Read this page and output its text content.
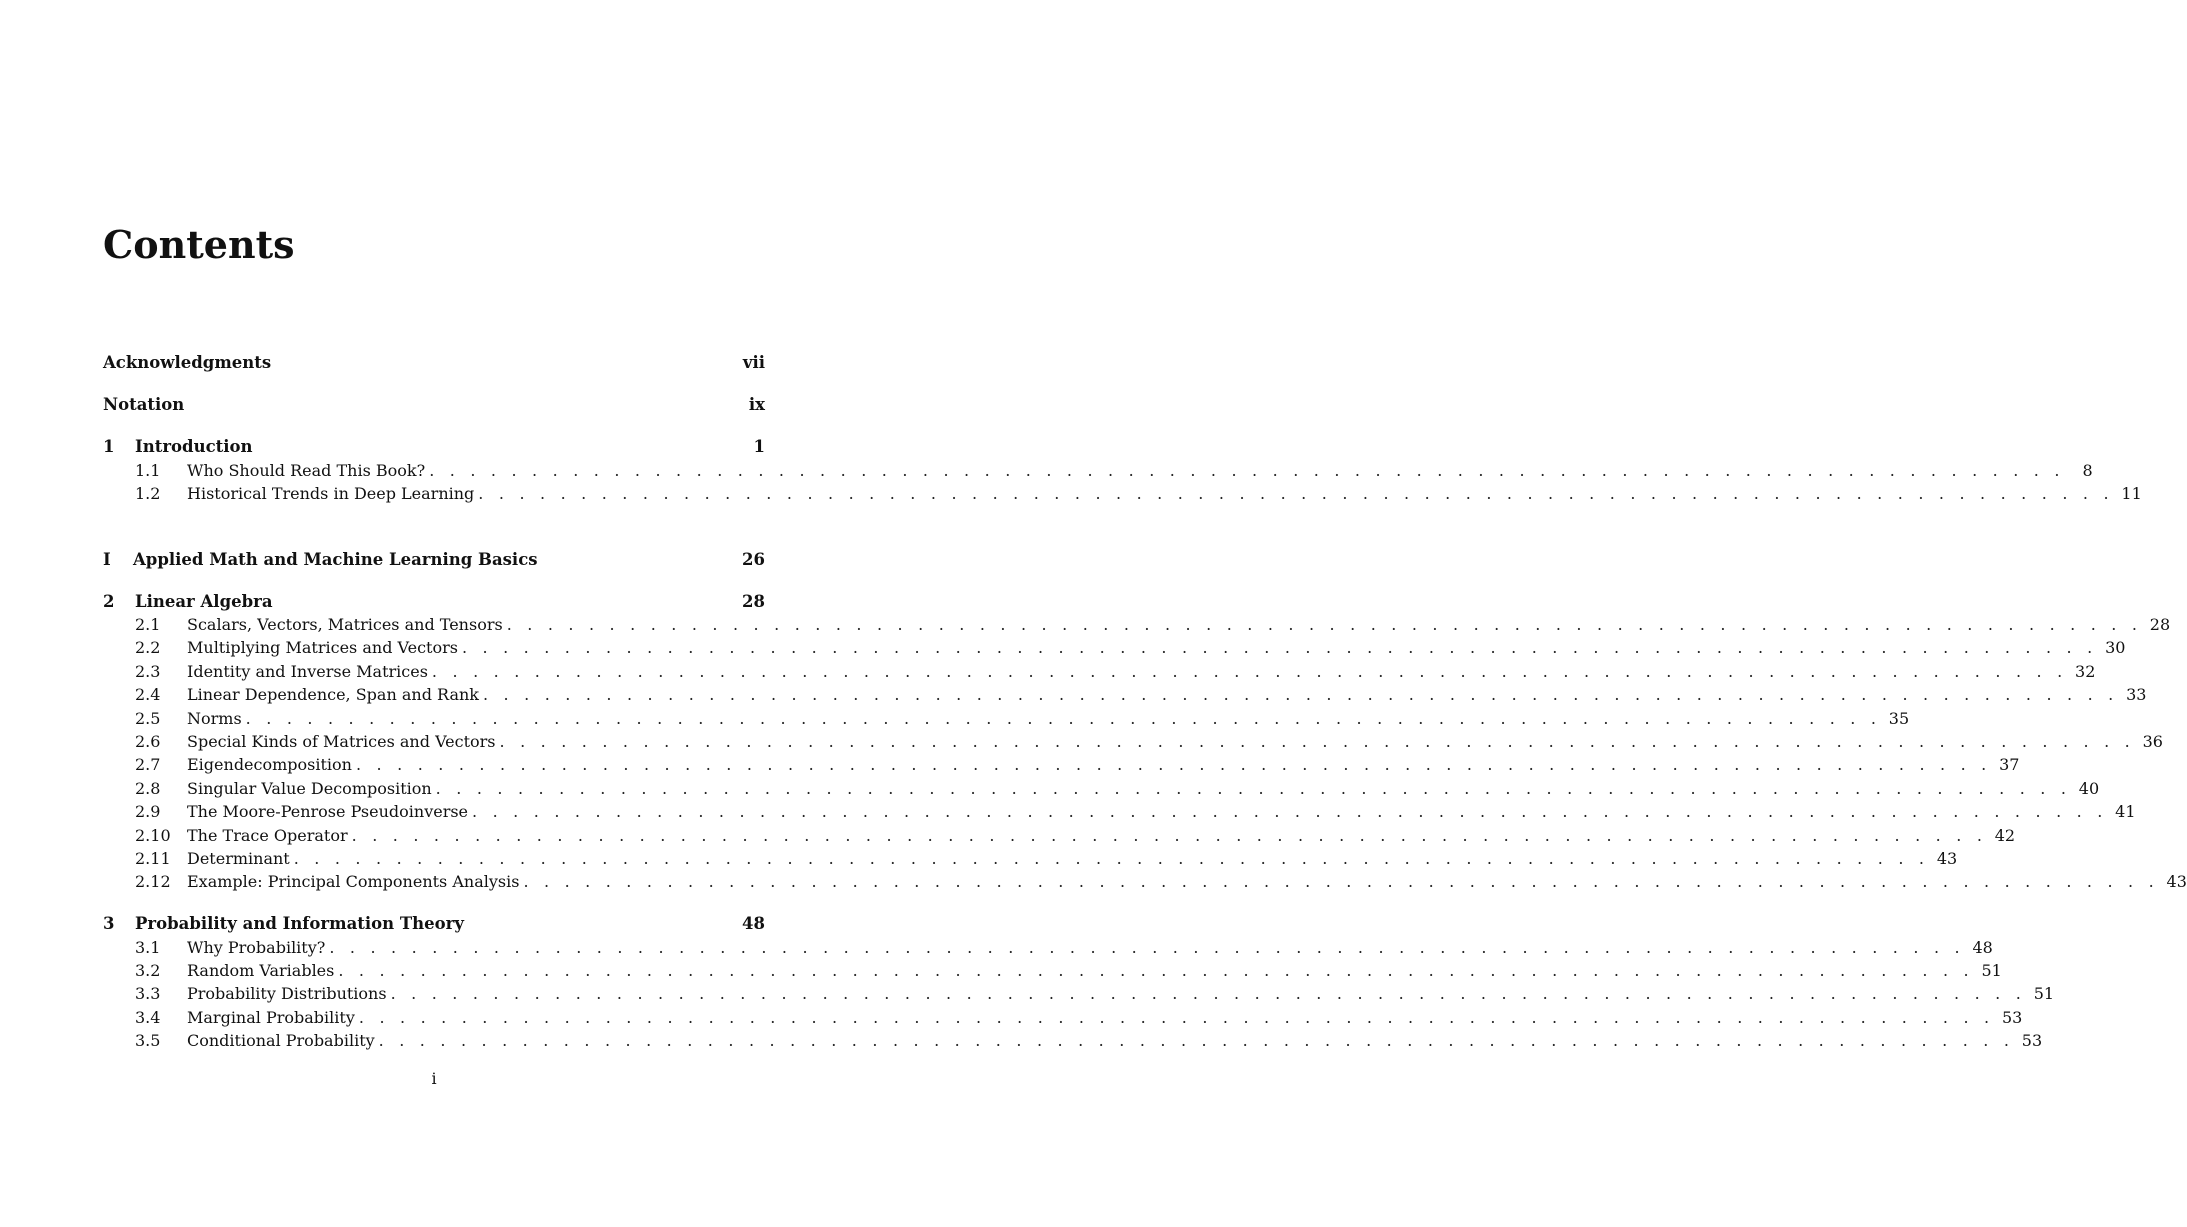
Contents
Acknowledgments	vii
Notation	ix
1	Introduction	1
1.1	Who Should Read This Book? . . . . . . . . . . . . . . . . . . . . . . . . . . . . . . . . . . . . . . . . . . . . . . . . . . . . . . . . . . . . . . . . . . . . . . . . . . . . . . . .	8
1.2	Historical Trends in Deep Learning . . . . . . . . . . . . . . . . . . . . . . . . . . . . . . . . . . . . . . . . . . . . . . . . . . . . . . . . . . . . . . . . . . . . . . . . . . . . . . . . 11
I	Applied Math and Machine Learning Basics	26
2	Linear Algebra	28
2.1	Scalars, Vectors, Matrices and Tensors . . . . . . . . . . . . . . . . . . . . . . . . . . . . . . . . . . . . . . . . . . . . . . . . . . . . . . . . . . . . . . . . . . . . . . . . . . . . . . . . 28
2.2	Multiplying Matrices and Vectors . . . . . . . . . . . . . . . . . . . . . . . . . . . . . . . . . . . . . . . . . . . . . . . . . . . . . . . . . . . . . . . . . . . . . . . . . . . . . . . . 30
2.3	Identity and Inverse Matrices . . . . . . . . . . . . . . . . . . . . . . . . . . . . . . . . . . . . . . . . . . . . . . . . . . . . . . . . . . . . . . . . . . . . . . . . . . . . . . . . 32
2.4	Linear Dependence, Span and Rank . . . . . . . . . . . . . . . . . . . . . . . . . . . . . . . . . . . . . . . . . . . . . . . . . . . . . . . . . . . . . . . . . . . . . . . . . . . . . . . . 33
2.5	Norms . . . . . . . . . . . . . . . . . . . . . . . . . . . . . . . . . . . . . . . . . . . . . . . . . . . . . . . . . . . . . . . . . . . . . . . . . . . . . . . . 35
2.6	Special Kinds of Matrices and Vectors . . . . . . . . . . . . . . . . . . . . . . . . . . . . . . . . . . . . . . . . . . . . . . . . . . . . . . . . . . . . . . . . . . . . . . . . . . . . . . . . 36
2.7	Eigendecomposition . . . . . . . . . . . . . . . . . . . . . . . . . . . . . . . . . . . . . . . . . . . . . . . . . . . . . . . . . . . . . . . . . . . . . . . . . . . . . . . . 37
2.8	Singular Value Decomposition . . . . . . . . . . . . . . . . . . . . . . . . . . . . . . . . . . . . . . . . . . . . . . . . . . . . . . . . . . . . . . . . . . . . . . . . . . . . . . . . 40
2.9	The Moore-Penrose Pseudoinverse . . . . . . . . . . . . . . . . . . . . . . . . . . . . . . . . . . . . . . . . . . . . . . . . . . . . . . . . . . . . . . . . . . . . . . . . . . . . . . . . 41
2.10	The Trace Operator . . . . . . . . . . . . . . . . . . . . . . . . . . . . . . . . . . . . . . . . . . . . . . . . . . . . . . . . . . . . . . . . . . . . . . . . . . . . . . . . 42
2.11	Determinant . . . . . . . . . . . . . . . . . . . . . . . . . . . . . . . . . . . . . . . . . . . . . . . . . . . . . . . . . . . . . . . . . . . . . . . . . . . . . . . . 43
2.12	Example: Principal Components Analysis . . . . . . . . . . . . . . . . . . . . . . . . . . . . . . . . . . . . . . . . . . . . . . . . . . . . . . . . . . . . . . . . . . . . . . . . . . . . . . . . 43
3	Probability and Information Theory	48
3.1	Why Probability? . . . . . . . . . . . . . . . . . . . . . . . . . . . . . . . . . . . . . . . . . . . . . . . . . . . . . . . . . . . . . . . . . . . . . . . . . . . . . . . . 48
3.2	Random Variables . . . . . . . . . . . . . . . . . . . . . . . . . . . . . . . . . . . . . . . . . . . . . . . . . . . . . . . . . . . . . . . . . . . . . . . . . . . . . . . . 51
3.3	Probability Distributions . . . . . . . . . . . . . . . . . . . . . . . . . . . . . . . . . . . . . . . . . . . . . . . . . . . . . . . . . . . . . . . . . . . . . . . . . . . . . . . . 51
3.4	Marginal Probability . . . . . . . . . . . . . . . . . . . . . . . . . . . . . . . . . . . . . . . . . . . . . . . . . . . . . . . . . . . . . . . . . . . . . . . . . . . . . . . . 53
3.5	Conditional Probability . . . . . . . . . . . . . . . . . . . . . . . . . . . . . . . . . . . . . . . . . . . . . . . . . . . . . . . . . . . . . . . . . . . . . . . . . . . . . . . . 53
i
